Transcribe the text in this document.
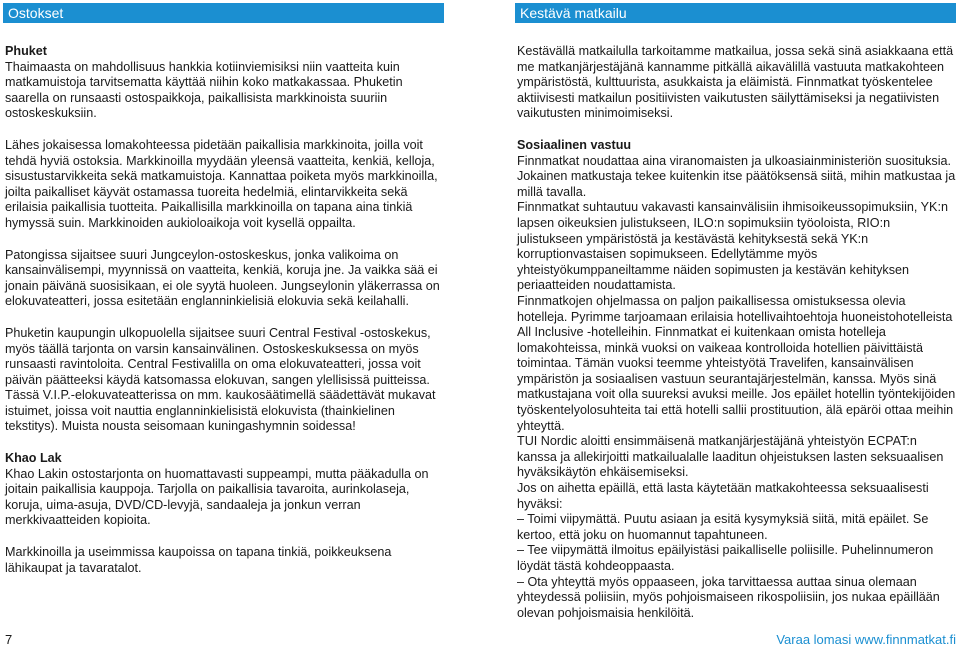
Ostokset	Kestävä matkailu

Phuket

Thaimaasta on mahdollisuus hankkia kotiinviemisiksi niin vaatteita kuin matkamuistoja tarvitsematta käyttää niihin koko matkakassaa. Phuketin saarella on runsaasti ostospaikkoja, paikallisista markkinoista suuriin ostoskeskuksiin.

Lähes jokaisessa lomakohteessa pidetään paikallisia markkinoita, joilla voit tehdä hyviä ostoksia. Markkinoilla myydään yleensä vaatteita, kenkiä, kelloja, sisustustarvikkeita sekä matkamuistoja. Kannattaa poiketa myös markkinoilla, joilta paikalliset käyvät ostamassa tuoreita hedelmiä, elintarvikkeita sekä erilaisia paikallisia tuotteita. Paikallisilla markkinoilla on tapana aina tinkiä hymyssä suin. Markkinoiden aukioloaikoja voit kysellä oppailta.

Patongissa sijaitsee suuri Jungceylon-ostoskeskus, jonka valikoima on kansainvälisempi, myynnissä on vaatteita, kenkiä, koruja jne. Ja vaikka sää ei jonain päivänä suosisikaan, ei ole syytä huoleen. Jungseylonin yläkerrassa on elokuvateatteri, jossa esitetään englanninkielisiä elokuvia sekä keilahalli.

Phuketin kaupungin ulkopuolella sijaitsee suuri Central Festival -ostoskekus, myös täällä tarjonta on varsin kansainvälinen. Ostoskeskuksessa on myös runsaasti ravintoloita. Central Festivalilla on oma elokuvateatteri, jossa voit päivän päätteeksi käydä katsomassa elokuvan, sangen ylellisissä puitteissa. Tässä V.I.P.-elokuvateatterissa on mm. kaukosäätimellä säädettävät mukavat istuimet, joissa voit nauttia englanninkielisistä elokuvista (thainkielinen tekstitys). Muista nousta seisomaan kuningashymnin soidessa!

Khao Lak

Khao Lakin ostostarjonta on huomattavasti suppeampi, mutta pääkadulla on joitain paikallisia kauppoja. Tarjolla on paikallisia tavaroita, aurinkolaseja, koruja, uima-asuja, DVD/CD-levyjä, sandaaleja ja jonkun verran merkkivaatteiden kopioita.

Markkinoilla ja useimmissa kaupoissa on tapana tinkiä, poikkeuksena lähikaupat ja tavaratalot.

Kestävällä matkailulla tarkoitamme matkailua, jossa sekä sinä asiakkaana että me matkanjärjestäjänä kannamme pitkällä aikavälillä vastuuta matkakohteen ympäristöstä, kulttuurista, asukkaista ja eläimistä. Finnmatkat työskentelee aktiivisesti matkailun positiivisten vaikutusten säilyttämiseksi ja negatiivisten vaikutusten minimoimiseksi.

Sosiaalinen vastuu

Finnmatkat noudattaa aina viranomaisten ja ulkoasiainministeriön suosituksia. Jokainen matkustaja tekee kuitenkin itse päätöksensä siitä, mihin matkustaa ja millä tavalla.

Finnmatkat suhtautuu vakavasti kansainvälisiin ihmisoikeussopimuksiin, YK:n lapsen oikeuksien julistukseen, ILO:n sopimuksiin työoloista, RIO:n julistukseen ympäristöstä ja kestävästä kehityksestä sekä YK:n korruptionvastaisen sopimukseen. Edellytämme myös yhteistyökumppaneiltamme näiden sopimusten ja kestävän kehityksen periaatteiden noudattamista.

Finnmatkojen ohjelmassa on paljon paikallisessa omistuksessa olevia hotelleja. Pyrimme tarjoamaan erilaisia hotellivaihtoehtoja huoneistohotelleista All Inclusive -hotelleihin. Finnmatkat ei kuitenkaan omista hotelleja lomakohteissa, minkä vuoksi on vaikeaa kontrolloida hotellien päivittäistä toimintaa. Tämän vuoksi teemme yhteistyötä Travelifen, kansainvälisen ympäristön ja sosiaalisen vastuun seurantajärjestelmän, kanssa. Myös sinä matkustajana voit olla suureksi avuksi meille. Jos epäilet hotellin työntekijöiden työskentelyolosuhteita tai että hotelli sallii prostituution, älä epäröi ottaa meihin yhteyttä.

TUI Nordic aloitti ensimmäisenä matkanjärjestäjänä yhteistyön ECPAT:n kanssa ja allekirjoitti matkailualalle laaditun ohjeistuksen lasten seksuaalisen hyväksikäytön ehkäisemiseksi.

Jos on aihetta epäillä, että lasta käytetään matkakohteessa seksuaalisesti hyväksi:

– Toimi viipymättä. Puutu asiaan ja esitä kysymyksiä siitä, mitä epäilet. Se kertoo, että joku on huomannut tapahtuneen.

– Tee viipymättä ilmoitus epäilyistäsi paikalliselle poliisille. Puhelinnumeron löydät tästä kohdeoppaasta.

– Ota yhteyttä myös oppaaseen, joka tarvittaessa auttaa sinua olemaan yhteydessä poliisiin, myös pohjoismaiseen rikospoliisiin, jos nukaa epäillään olevan pohjoismaisia henkilöitä.

7	Varaa lomasi www.finnmatkat.fi
